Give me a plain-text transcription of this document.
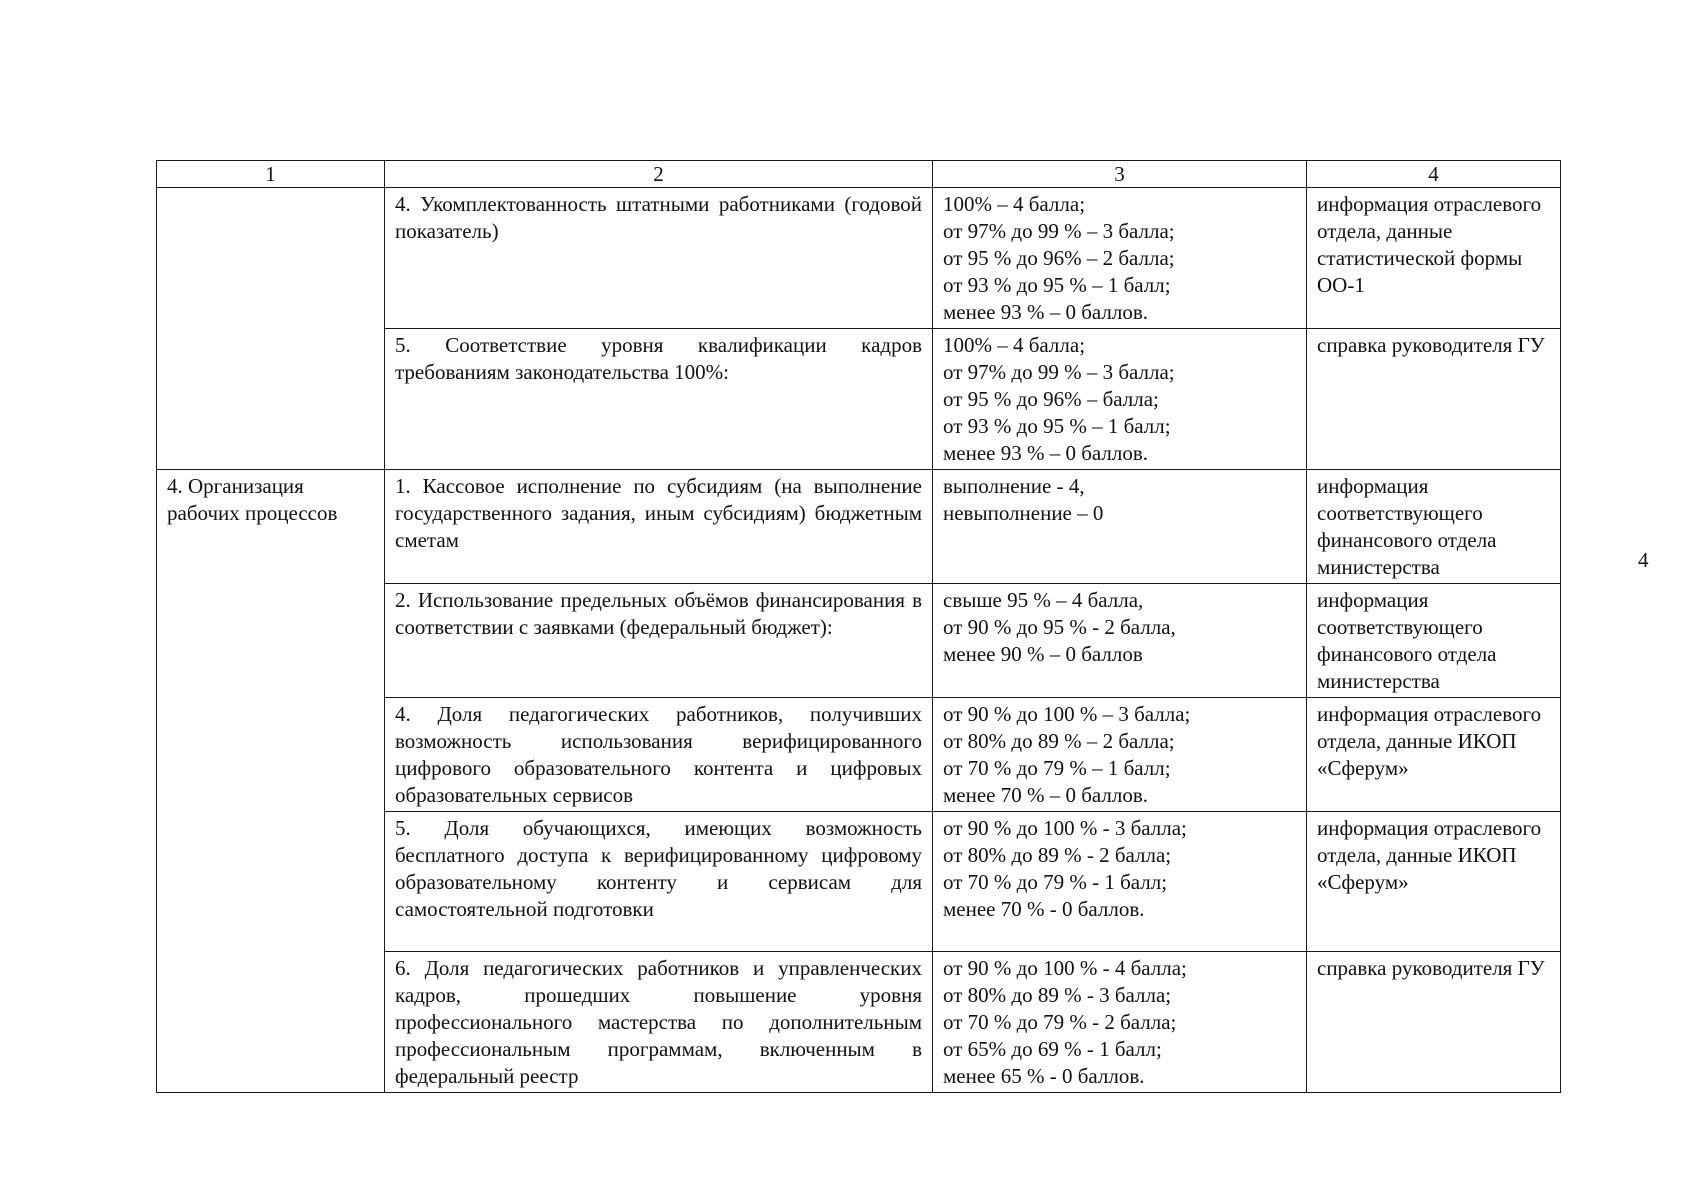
4
1	2	3	4
	4. Укомплектованность штатными работниками (годовой показатель)	100% – 4 балла;
от 97% до 99 % – 3 балла;
от 95 % до 96% – 2 балла;
от 93 % до 95 % – 1 балл;
менее 93 % – 0 баллов.	информация отраслевого отдела, данные статистической формы ОО-1
	5. Соответствие уровня квалификации кадров требованиям законодательства 100%:	100% – 4 балла;
от 97% до 99 % – 3 балла;
от 95 % до 96% – балла;
от 93 % до 95 % – 1 балл;
менее 93 % – 0 баллов.	справка руководителя ГУ
4. Организация рабочих процессов	1. Кассовое исполнение по субсидиям (на выполнение государственного задания, иным субсидиям) бюджетным сметам	выполнение - 4,
невыполнение – 0	информация соответствующего финансового отдела министерства
	2. Использование предельных объёмов финансирования в соответствии с заявками (федеральный бюджет):	свыше 95 % – 4 балла,
от 90 % до 95 % - 2 балла,
менее 90 % – 0 баллов	информация соответствующего финансового отдела министерства
	4. Доля педагогических работников, получивших возможность использования верифицированного цифрового образовательного контента и цифровых образовательных сервисов	от 90 % до 100 % – 3 балла;
от 80% до 89 % – 2 балла;
от 70 % до 79 % – 1 балл;
менее 70 % – 0 баллов.	информация отраслевого отдела, данные ИКОП «Сферум»
	5. Доля обучающихся, имеющих возможность бесплатного доступа к верифицированному цифровому образовательному контенту и сервисам для самостоятельной подготовки	от 90 % до 100 % - 3 балла;
от 80% до 89 % - 2 балла;
от 70 % до 79 % - 1 балл;
менее 70 % - 0 баллов.	информация отраслевого отдела, данные ИКОП «Сферум»
	6. Доля педагогических работников и управленческих кадров, прошедших повышение уровня профессионального мастерства по дополнительным профессиональным программам, включенным в федеральный реестр	от 90 % до 100 % - 4 балла;
от 80% до 89 % - 3 балла;
от 70 % до 79 % - 2 балла;
от 65% до 69 % - 1 балл;
менее 65 % - 0 баллов.	справка руководителя ГУ
